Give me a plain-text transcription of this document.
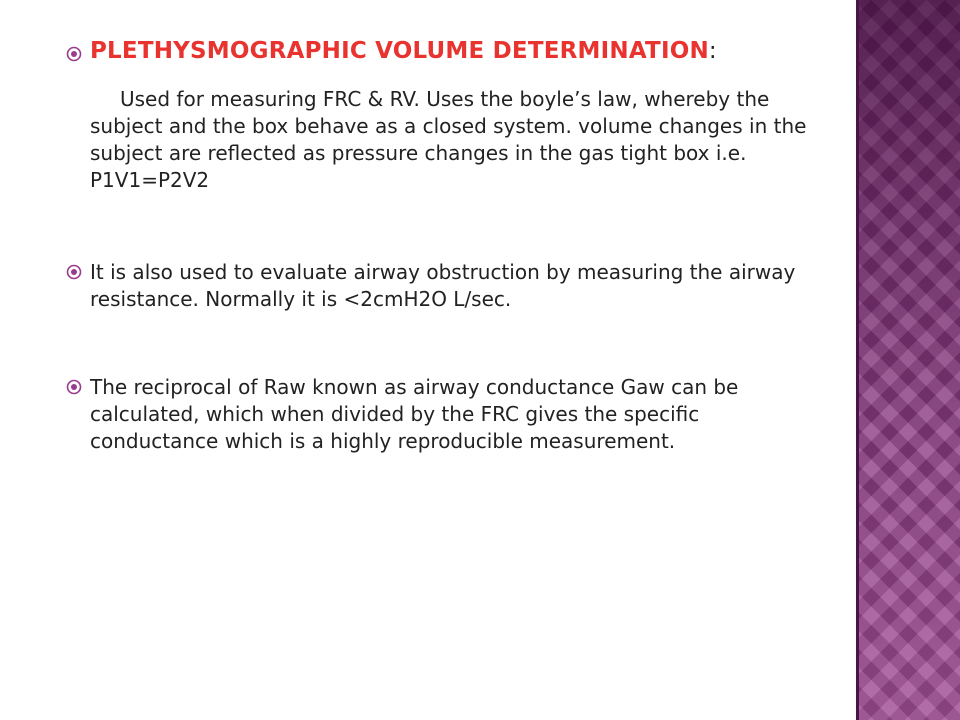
PLETHYSMOGRAPHIC VOLUME DETERMINATION:

Used for measuring FRC & RV. Uses the boyle’s law, whereby the subject and the box behave as a closed system. volume changes in the subject are reflected as pressure changes in the gas tight box i.e. P1V1=P2V2

It is also used to evaluate airway obstruction by measuring the airway resistance. Normally it is <2cmH2O L/sec.

The reciprocal of Raw known as airway conductance Gaw can be calculated, which when divided by the FRC gives the specific conductance which is a highly reproducible measurement.
